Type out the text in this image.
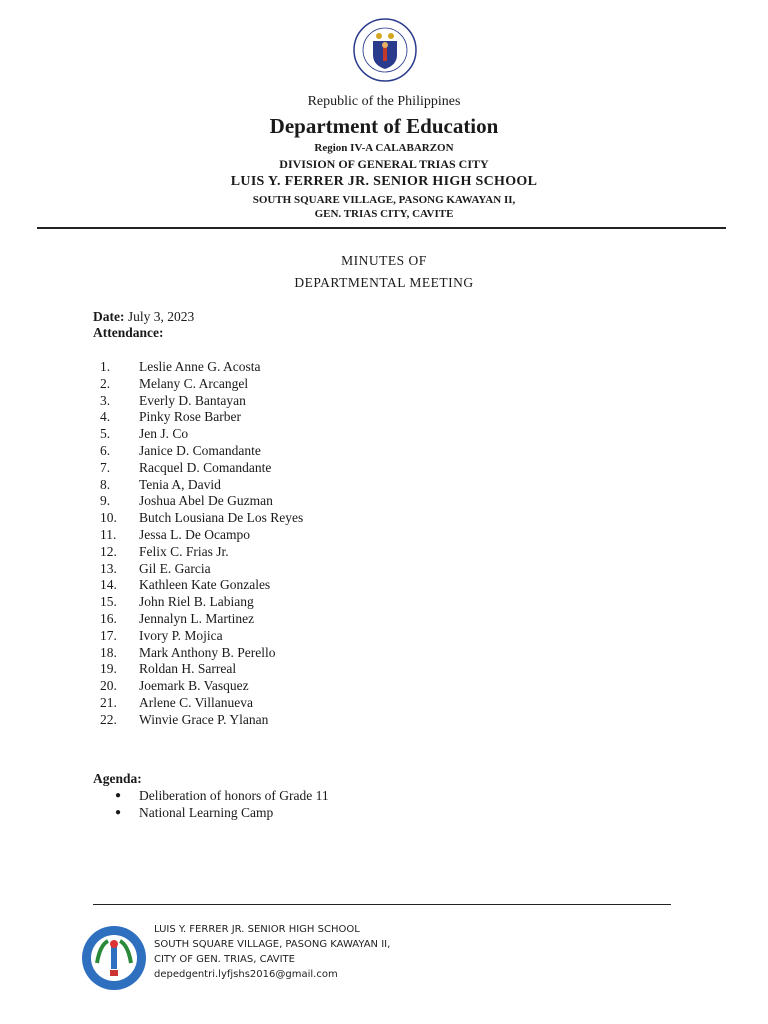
Republic of the Philippines
Department of Education
Region IV-A CALABARZON
DIVISION OF GENERAL TRIAS CITY
LUIS Y. FERRER JR. SENIOR HIGH SCHOOL
SOUTH SQUARE VILLAGE, PASONG KAWAYAN II,
GEN. TRIAS CITY, CAVITE
MINUTES OF
DEPARTMENTAL MEETING
Date: July 3, 2023
Attendance:
1.	Leslie Anne G. Acosta
2.	Melany C. Arcangel
3.	Everly D. Bantayan
4.	Pinky Rose Barber
5.	Jen J. Co
6.	Janice D. Comandante
7.	Racquel D. Comandante
8.	Tenia A, David
9.	Joshua Abel De Guzman
10.	Butch Lousiana De Los Reyes
11.	Jessa L. De Ocampo
12.	Felix C. Frias Jr.
13.	Gil E. Garcia
14.	Kathleen Kate Gonzales
15.	John Riel B. Labiang
16.	Jennalyn L. Martinez
17.	Ivory P. Mojica
18.	Mark Anthony B. Perello
19.	Roldan H. Sarreal
20.	Joemark B. Vasquez
21.	Arlene C. Villanueva
22.	Winvie Grace P. Ylanan
Agenda:
● Deliberation of honors of Grade 11
● National Learning Camp
LUIS Y. FERRER JR. SENIOR HIGH SCHOOL
SOUTH SQUARE VILLAGE, PASONG KAWAYAN II,
CITY OF GEN. TRIAS, CAVITE
depedgentri.lyfjshs2016@gmail.com
